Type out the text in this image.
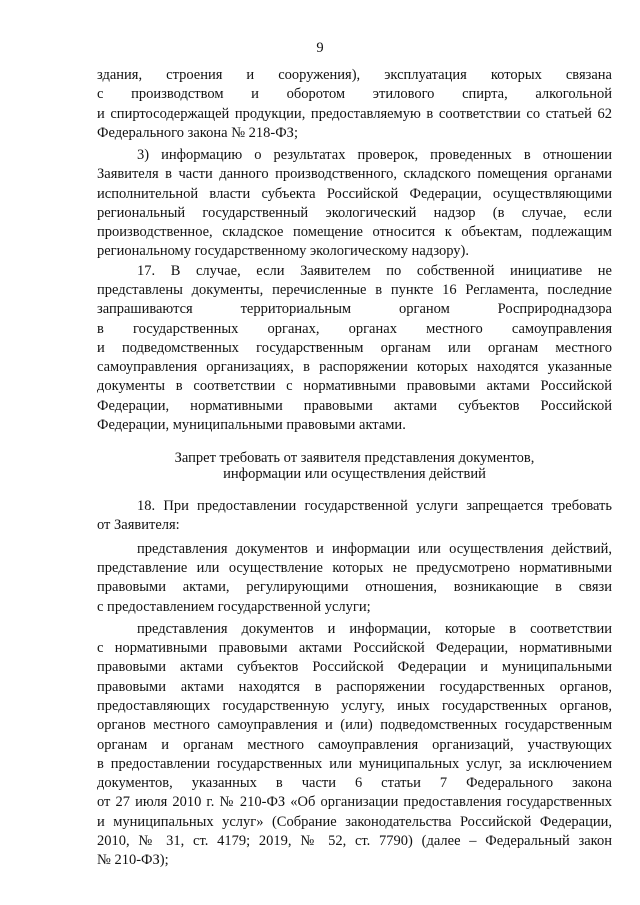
9
здания, строения и сооружения), эксплуатация которых связана
с производством и оборотом этилового спирта, алкогольной
и спиртосодержащей продукции, предоставляемую в соответствии со статьей 62
Федерального закона № 218-ФЗ;
3) информацию о результатах проверок, проведенных в отношении
Заявителя в части данного производственного, складского помещения органами
исполнительной власти субъекта Российской Федерации, осуществляющими
региональный государственный экологический надзор (в случае, если
производственное, складское помещение относится к объектам, подлежащим
региональному государственному экологическому надзору).
17. В случае, если Заявителем по собственной инициативе не
представлены документы, перечисленные в пункте 16 Регламента, последние
запрашиваются территориальным органом Росприроднадзора
в государственных органах, органах местного самоуправления
и подведомственных государственным органам или органам местного
самоуправления организациях, в распоряжении которых находятся указанные
документы в соответствии с нормативными правовыми актами Российской
Федерации, нормативными правовыми актами субъектов Российской
Федерации, муниципальными правовыми актами.
Запрет требовать от заявителя представления документов,
информации или осуществления действий
18. При предоставлении государственной услуги запрещается требовать
от Заявителя:
представления документов и информации или осуществления действий,
представление или осуществление которых не предусмотрено нормативными
правовыми актами, регулирующими отношения, возникающие в связи
с предоставлением государственной услуги;
представления документов и информации, которые в соответствии
с нормативными правовыми актами Российской Федерации, нормативными
правовыми актами субъектов Российской Федерации и муниципальными
правовыми актами находятся в распоряжении государственных органов,
предоставляющих государственную услугу, иных государственных органов,
органов местного самоуправления и (или) подведомственных государственным
органам и органам местного самоуправления организаций, участвующих
в предоставлении государственных или муниципальных услуг, за исключением
документов, указанных в части 6 статьи 7 Федерального закона
от 27 июля 2010 г. № 210-ФЗ «Об организации предоставления государственных
и муниципальных услуг» (Собрание законодательства Российской Федерации,
2010, № 31, ст. 4179; 2019, № 52, ст. 7790) (далее – Федеральный закон
№ 210-ФЗ);
